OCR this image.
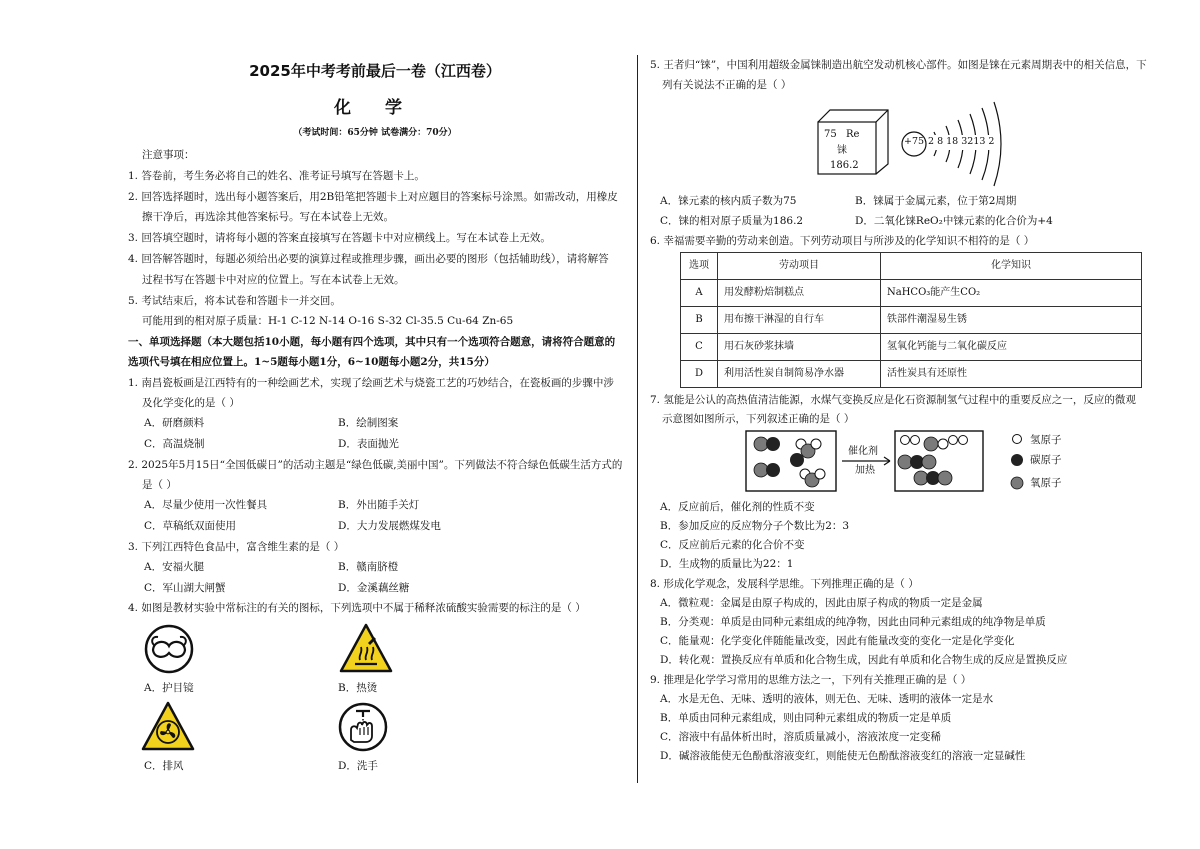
2025年中考考前最后一卷（江西卷）
化 学
（考试时间：65分钟 试卷满分：70分）
注意事项：
1. 答卷前，考生务必将自己的姓名、准考证号填写在答题卡上。
2. 回答选择题时，选出每小题答案后，用2B铅笔把答题卡上对应题目的答案标号涂黑。如需改动，用橡皮
擦干净后，再选涂其他答案标号。写在本试卷上无效。
3. 回答填空题时，请将每小题的答案直接填写在答题卡中对应横线上。写在本试卷上无效。
4. 回答解答题时，每题必须给出必要的演算过程或推理步骤，画出必要的图形（包括辅助线），请将解答
过程书写在答题卡中对应的位置上。写在本试卷上无效。
5. 考试结束后，将本试卷和答题卡一并交回。
可能用到的相对原子质量：H-1 C-12 N-14 O-16 S-32 Cl-35.5 Cu-64 Zn-65
一、单项选择题（本大题包括10小题，每小题有四个选项，其中只有一个选项符合题意，请将符合题意的
选项代号填在相应位置上。1~5题每小题1分，6~10题每小题2分，共15分）
1. 南昌瓷板画是江西特有的一种绘画艺术，实现了绘画艺术与烧瓷工艺的巧妙结合，在瓷板画的步骤中涉
及化学变化的是（ ）
A．研磨颜料	B．绘制图案
C．高温烧制	D．表面抛光
2. 2025年5月15日“全国低碳日”的活动主题是“绿色低碳,美丽中国”。下列做法不符合绿色低碳生活方式的
是（ ）
A．尽量少使用一次性餐具	B．外出随手关灯
C．草稿纸双面使用	D．大力发展燃煤发电
3. 下列江西特色食品中，富含维生素的是（ ）
A．安福火腿	B．赣南脐橙
C．军山湖大闸蟹	D．金溪藕丝糖
4. 如图是教材实验中常标注的有关的图标，下列选项中不属于稀释浓硫酸实验需要的标注的是（ ）
A．护目镜	B．热烫
C．排风	D．洗手
5. 王者归“铼”，中国利用超级金属铼制造出航空发动机核心部件。如图是铼在元素周期表中的相关信息，下
列有关说法不正确的是（ ）
75 Re
铼
186.2
+75 2 8 18 3213 2
A．铼元素的核内质子数为75	B．铼属于金属元素，位于第2周期
C．铼的相对原子质量为186.2	D．二氧化铼ReO₂中铼元素的化合价为+4
6. 幸福需要辛勤的劳动来创造。下列劳动项目与所涉及的化学知识不相符的是（ ）
选项	劳动项目	化学知识
A	用发酵粉焙制糕点	NaHCO₃能产生CO₂
B	用布擦干淋湿的自行车	铁部件潮湿易生锈
C	用石灰砂浆抹墙	氢氧化钙能与二氧化碳反应
D	利用活性炭自制简易净水器	活性炭具有还原性
7. 氢能是公认的高热值清洁能源，水煤气变换反应是化石资源制氢气过程中的重要反应之一，反应的微观
示意图如图所示，下列叙述正确的是（ ）
催化剂
加热
氢原子
碳原子
氧原子
A．反应前后，催化剂的性质不变
B．参加反应的反应物分子个数比为2：3
C．反应前后元素的化合价不变
D．生成物的质量比为22：1
8. 形成化学观念，发展科学思维。下列推理正确的是（ ）
A．微粒观：金属是由原子构成的，因此由原子构成的物质一定是金属
B．分类观：单质是由同种元素组成的纯净物，因此由同种元素组成的纯净物是单质
C．能量观：化学变化伴随能量改变，因此有能量改变的变化一定是化学变化
D．转化观：置换反应有单质和化合物生成，因此有单质和化合物生成的反应是置换反应
9. 推理是化学学习常用的思维方法之一，下列有关推理正确的是（ ）
A．水是无色、无味、透明的液体，则无色、无味、透明的液体一定是水
B．单质由同种元素组成，则由同种元素组成的物质一定是单质
C．溶液中有晶体析出时，溶质质量减小，溶液浓度一定变稀
D．碱溶液能使无色酚酞溶液变红，则能使无色酚酞溶液变红的溶液一定显碱性
